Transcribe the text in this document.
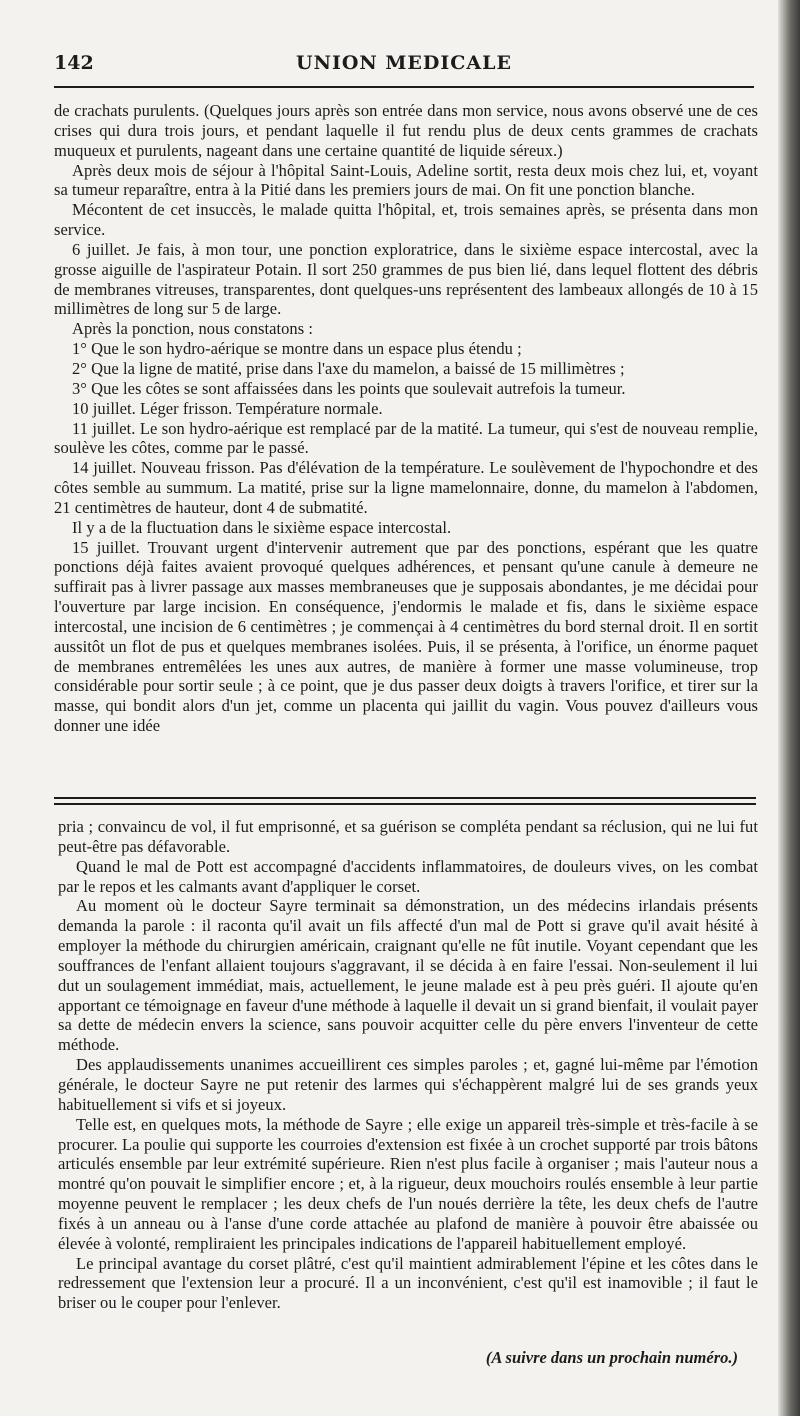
142	UNION MEDICALE

de crachats purulents. (Quelques jours après son entrée dans mon service, nous avons observé une de ces crises qui dura trois jours, et pendant laquelle il fut rendu plus de deux cents grammes de crachats muqueux et purulents, nageant dans une certaine quantité de liquide séreux.)

Après deux mois de séjour à l'hôpital Saint-Louis, Adeline sortit, resta deux mois chez lui, et, voyant sa tumeur reparaître, entra à la Pitié dans les premiers jours de mai. On fit une ponction blanche.

Mécontent de cet insuccès, le malade quitta l'hôpital, et, trois semaines après, se présenta dans mon service.

6 juillet. Je fais, à mon tour, une ponction exploratrice, dans le sixième espace intercostal, avec la grosse aiguille de l'aspirateur Potain. Il sort 250 grammes de pus bien lié, dans lequel flottent des débris de membranes vitreuses, transparentes, dont quelques-uns représentent des lambeaux allongés de 10 à 15 millimètres de long sur 5 de large.

Après la ponction, nous constatons :

1° Que le son hydro-aérique se montre dans un espace plus étendu ;

2° Que la ligne de matité, prise dans l'axe du mamelon, a baissé de 15 millimètres ;

3° Que les côtes se sont affaissées dans les points que soulevait autrefois la tumeur.

10 juillet. Léger frisson. Température normale.

11 juillet. Le son hydro-aérique est remplacé par de la matité. La tumeur, qui s'est de nouveau remplie, soulève les côtes, comme par le passé.

14 juillet. Nouveau frisson. Pas d'élévation de la température. Le soulèvement de l'hypochondre et des côtes semble au summum. La matité, prise sur la ligne mamelonnaire, donne, du mamelon à l'abdomen, 21 centimètres de hauteur, dont 4 de submatité.

Il y a de la fluctuation dans le sixième espace intercostal.

15 juillet. Trouvant urgent d'intervenir autrement que par des ponctions, espérant que les quatre ponctions déjà faites avaient provoqué quelques adhérences, et pensant qu'une canule à demeure ne suffirait pas à livrer passage aux masses membraneuses que je supposais abondantes, je me décidai pour l'ouverture par large incision. En conséquence, j'endormis le malade et fis, dans le sixième espace intercostal, une incision de 6 centimètres ; je commençai à 4 centimètres du bord sternal droit. Il en sortit aussitôt un flot de pus et quelques membranes isolées. Puis, il se présenta, à l'orifice, un énorme paquet de membranes entremêlées les unes aux autres, de manière à former une masse volumineuse, trop considérable pour sortir seule ; à ce point, que je dus passer deux doigts à travers l'orifice, et tirer sur la masse, qui bondit alors d'un jet, comme un placenta qui jaillit du vagin. Vous pouvez d'ailleurs vous donner une idée

pria ; convaincu de vol, il fut emprisonné, et sa guérison se compléta pendant sa réclusion, qui ne lui fut peut-être pas défavorable.

Quand le mal de Pott est accompagné d'accidents inflammatoires, de douleurs vives, on les combat par le repos et les calmants avant d'appliquer le corset.

Au moment où le docteur Sayre terminait sa démonstration, un des médecins irlandais présents demanda la parole : il raconta qu'il avait un fils affecté d'un mal de Pott si grave qu'il avait hésité à employer la méthode du chirurgien américain, craignant qu'elle ne fût inutile. Voyant cependant que les souffrances de l'enfant allaient toujours s'aggravant, il se décida à en faire l'essai. Non-seulement il lui dut un soulagement immédiat, mais, actuellement, le jeune malade est à peu près guéri. Il ajoute qu'en apportant ce témoignage en faveur d'une méthode à laquelle il devait un si grand bienfait, il voulait payer sa dette de médecin envers la science, sans pouvoir acquitter celle du père envers l'inventeur de cette méthode.

Des applaudissements unanimes accueillirent ces simples paroles ; et, gagné lui-même par l'émotion générale, le docteur Sayre ne put retenir des larmes qui s'échappèrent malgré lui de ses grands yeux habituellement si vifs et si joyeux.

Telle est, en quelques mots, la méthode de Sayre ; elle exige un appareil très-simple et très-facile à se procurer. La poulie qui supporte les courroies d'extension est fixée à un crochet supporté par trois bâtons articulés ensemble par leur extrémité supérieure. Rien n'est plus facile à organiser ; mais l'auteur nous a montré qu'on pouvait le simplifier encore ; et, à la rigueur, deux mouchoirs roulés ensemble à leur partie moyenne peuvent le remplacer ; les deux chefs de l'un noués derrière la tête, les deux chefs de l'autre fixés à un anneau ou à l'anse d'une corde attachée au plafond de manière à pouvoir être abaissée ou élevée à volonté, rempliraient les principales indications de l'appareil habituellement employé.

Le principal avantage du corset plâtré, c'est qu'il maintient admirablement l'épine et les côtes dans le redressement que l'extension leur a procuré. Il a un inconvénient, c'est qu'il est inamovible ; il faut le briser ou le couper pour l'enlever.

(A suivre dans un prochain numéro.)
